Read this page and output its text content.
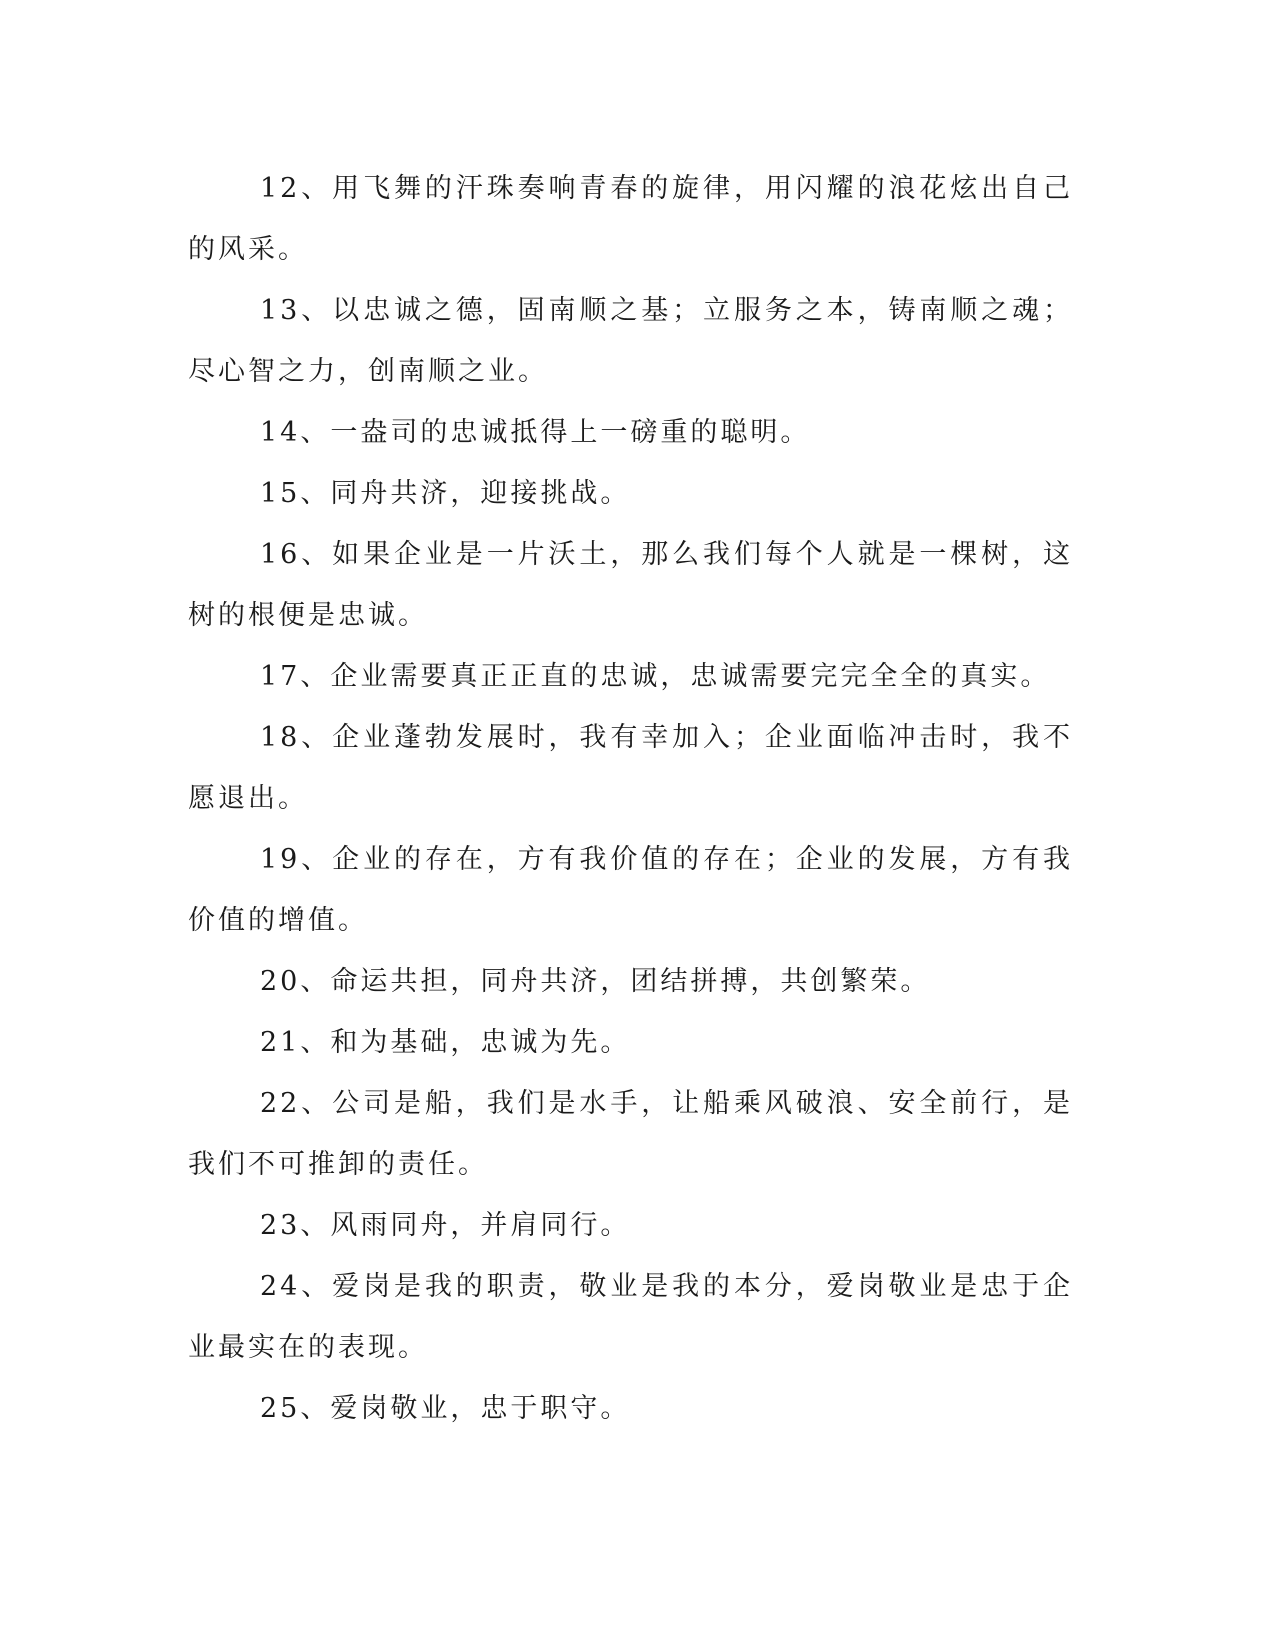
12、用飞舞的汗珠奏响青春的旋律，用闪耀的浪花炫出自己的风采。

13、以忠诚之德，固南顺之基；立服务之本，铸南顺之魂；尽心智之力，创南顺之业。

14、一盎司的忠诚抵得上一磅重的聪明。

15、同舟共济，迎接挑战。

16、如果企业是一片沃土，那么我们每个人就是一棵树，这树的根便是忠诚。

17、企业需要真正正直的忠诚，忠诚需要完完全全的真实。

18、企业蓬勃发展时，我有幸加入；企业面临冲击时，我不愿退出。

19、企业的存在，方有我价值的存在；企业的发展，方有我价值的增值。

20、命运共担，同舟共济，团结拼搏，共创繁荣。

21、和为基础，忠诚为先。

22、公司是船，我们是水手，让船乘风破浪、安全前行，是我们不可推卸的责任。

23、风雨同舟，并肩同行。

24、爱岗是我的职责，敬业是我的本分，爱岗敬业是忠于企业最实在的表现。

25、爱岗敬业，忠于职守。
